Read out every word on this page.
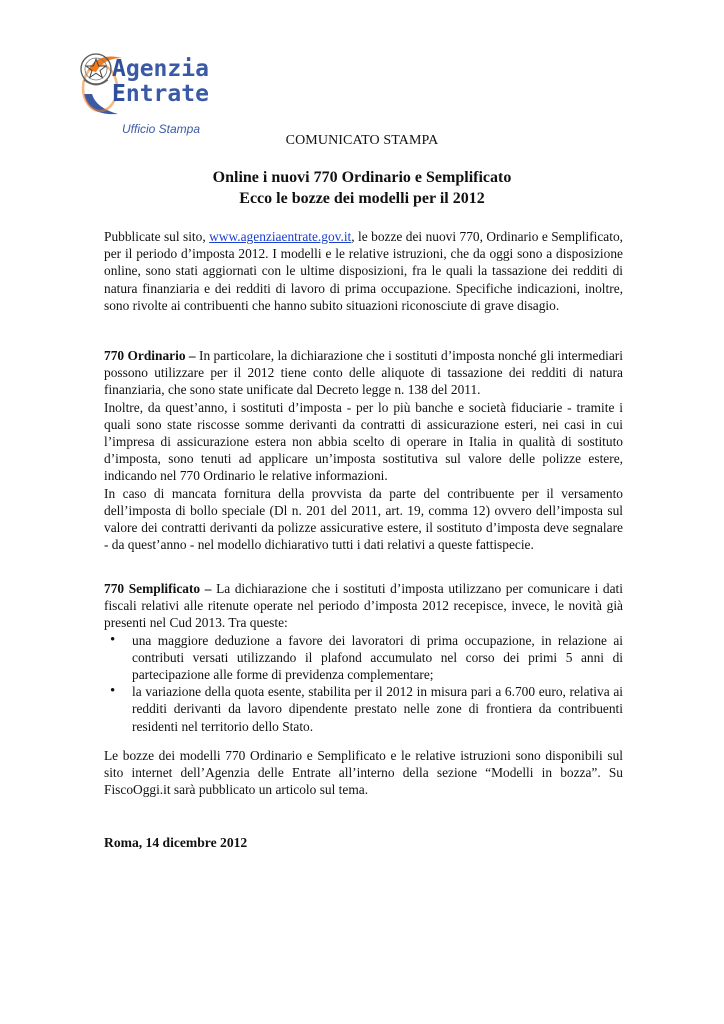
Agenzia
Entrate
Ufficio Stampa
COMUNICATO STAMPA
Online i nuovi 770 Ordinario e Semplificato
Ecco le bozze dei modelli per il 2012

Pubblicate sul sito, www.agenziaentrate.gov.it, le bozze dei nuovi 770, Ordinario e Semplificato, per il periodo d’imposta 2012. I modelli e le relative istruzioni, che da oggi sono a disposizione online, sono stati aggiornati con le ultime disposizioni, fra le quali la tassazione dei redditi di natura finanziaria e dei redditi di lavoro di prima occupazione. Specifiche indicazioni, inoltre, sono rivolte ai contribuenti che hanno subito situazioni riconosciute di grave disagio.

770 Ordinario – In particolare, la dichiarazione che i sostituti d’imposta nonché gli intermediari possono utilizzare per il 2012 tiene conto delle aliquote di tassazione dei redditi di natura finanziaria, che sono state unificate dal Decreto legge n. 138 del 2011.

Inoltre, da quest’anno, i sostituti d’imposta - per lo più banche e società fiduciarie - tramite i quali sono state riscosse somme derivanti da contratti di assicurazione esteri, nei casi in cui l’impresa di assicurazione estera non abbia scelto di operare in Italia in qualità di sostituto d’imposta, sono tenuti ad applicare un’imposta sostitutiva sul valore delle polizze estere, indicando nel 770 Ordinario le relative informazioni.

In caso di mancata fornitura della provvista da parte del contribuente per il versamento dell’imposta di bollo speciale (Dl n. 201 del 2011, art. 19, comma 12) ovvero dell’imposta sul valore dei contratti derivanti da polizze assicurative estere, il sostituto d’imposta deve segnalare - da quest’anno - nel modello dichiarativo tutti i dati relativi a queste fattispecie.

770 Semplificato – La dichiarazione che i sostituti d’imposta utilizzano per comunicare i dati fiscali relativi alle ritenute operate nel periodo d’imposta 2012 recepisce, invece, le novità già presenti nel Cud 2013. Tra queste:

• una maggiore deduzione a favore dei lavoratori di prima occupazione, in relazione ai contributi versati utilizzando il plafond accumulato nel corso dei primi 5 anni di partecipazione alle forme di previdenza complementare;
• la variazione della quota esente, stabilita per il 2012 in misura pari a 6.700 euro, relativa ai redditi derivanti da lavoro dipendente prestato nelle zone di frontiera da contribuenti residenti nel territorio dello Stato.

Le bozze dei modelli 770 Ordinario e Semplificato e le relative istruzioni sono disponibili sul sito internet dell’Agenzia delle Entrate all’interno della sezione “Modelli in bozza”. Su FiscoOggi.it sarà pubblicato un articolo sul tema.

Roma, 14 dicembre 2012
